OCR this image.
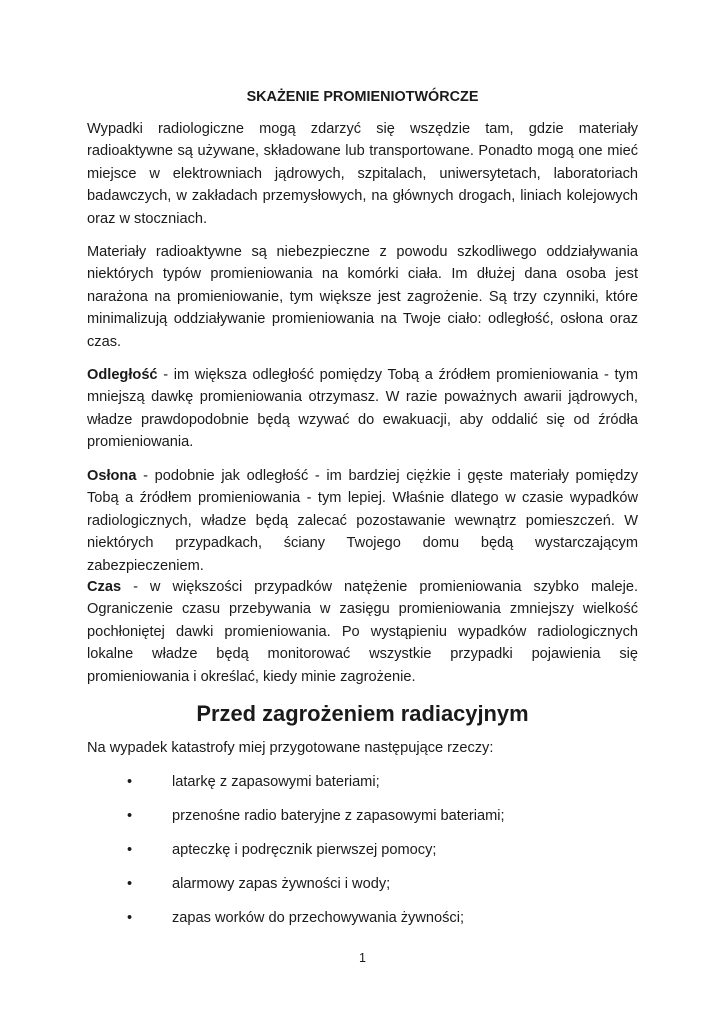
SKAŻENIE PROMIENIOTWÓRCZE

Wypadki radiologiczne mogą zdarzyć się wszędzie tam, gdzie materiały radioaktywne są używane, składowane lub transportowane. Ponadto mogą one mieć miejsce w elektrowniach jądrowych, szpitalach, uniwersytetach, laboratoriach badawczych, w zakładach przemysłowych, na głównych drogach, liniach kolejowych oraz w stoczniach.

Materiały radioaktywne są niebezpieczne z powodu szkodliwego oddziaływania niektórych typów promieniowania na komórki ciała. Im dłużej dana osoba jest narażona na promieniowanie, tym większe jest zagrożenie. Są trzy czynniki, które minimalizują oddziaływanie promieniowania na Twoje ciało: odległość, osłona oraz czas.

Odległość - im większa odległość pomiędzy Tobą a źródłem promieniowania - tym mniejszą dawkę promieniowania otrzymasz. W razie poważnych awarii jądrowych, władze prawdopodobnie będą wzywać do ewakuacji, aby oddalić się od źródła promieniowania.

Osłona - podobnie jak odległość - im bardziej ciężkie i gęste materiały pomiędzy Tobą a źródłem promieniowania - tym lepiej. Właśnie dlatego w czasie wypadków radiologicznych, władze będą zalecać pozostawanie wewnątrz pomieszczeń. W niektórych przypadkach, ściany Twojego domu będą wystarczającym zabezpieczeniem.

Czas - w większości przypadków natężenie promieniowania szybko maleje. Ograniczenie czasu przebywania w zasięgu promieniowania zmniejszy wielkość pochłoniętej dawki promieniowania. Po wystąpieniu wypadków radiologicznych lokalne władze będą monitorować wszystkie przypadki pojawienia się promieniowania i określać, kiedy minie zagrożenie.

Przed zagrożeniem radiacyjnym

Na wypadek katastrofy miej przygotowane następujące rzeczy:

•	latarkę z zapasowymi bateriami;
•	przenośne radio bateryjne z zapasowymi bateriami;
•	apteczkę i podręcznik pierwszej pomocy;
•	alarmowy zapas żywności i wody;
•	zapas worków do przechowywania żywności;
1
